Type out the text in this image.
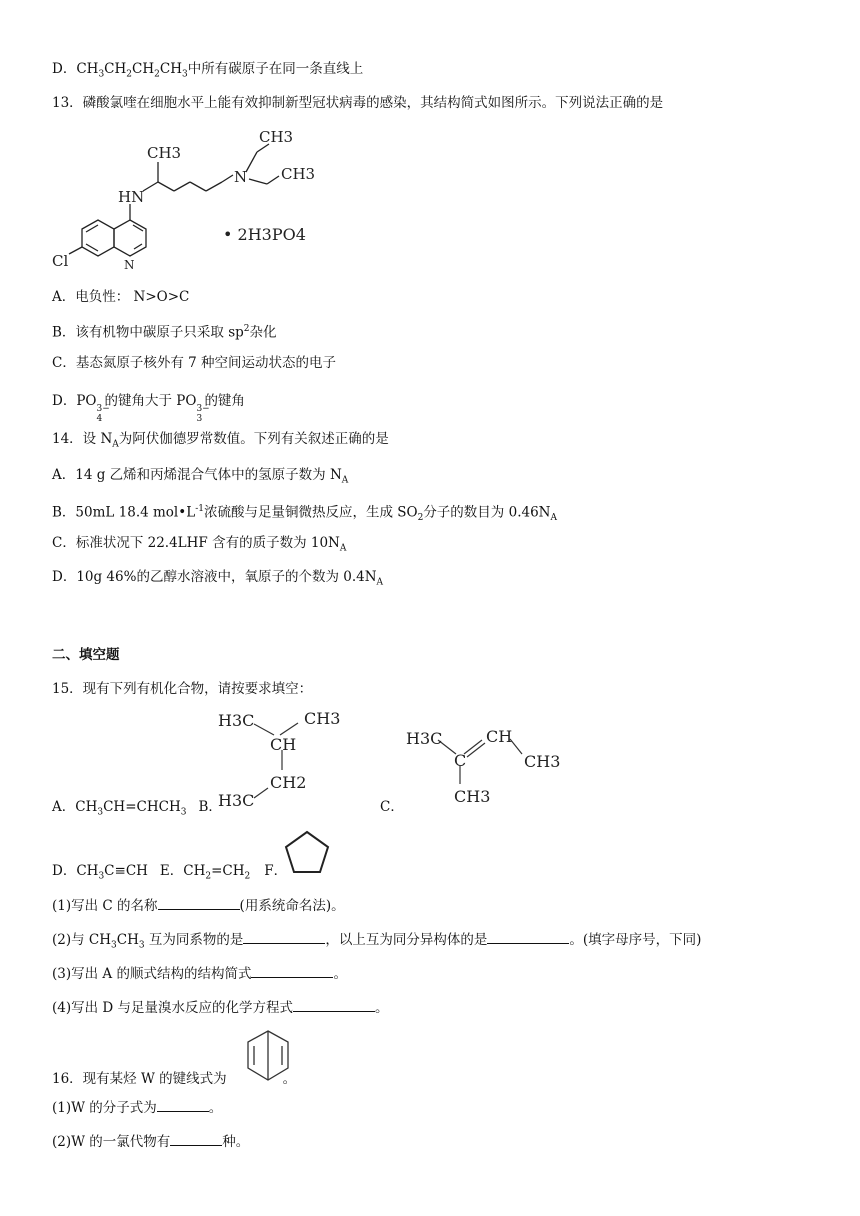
D．$CH_3CH_2CH_2CH_3$中所有碳原子在同一条直线上
13．磷酸氯喹在细胞水平上能有效抑制新型冠状病毒的感染，其结构简式如图所示。下列说法正确的是
CH3
CH3
CH3
N
HN
Cl	N
• 2H3PO4
A．电负性： N>O>C
B．该有机物中碳原子只采取 $sp^2$杂化
C．基态氮原子核外有 7 种空间运动状态的电子
D．PO 3−
4
的键角大于 PO 3−
3
的键角
14．设 $N_A$为阿伏伽德罗常数值。下列有关叙述正确的是
A．14 g 乙烯和丙烯混合气体中的氢原子数为 $N_A$
B．50mL 18.4 $mol•L^{-1}$浓硫酸与足量铜微热反应，生成 $SO_2$分子的数目为 $0.46N_A$
C．标准状况下 22.4LHF 含有的质子数为 $10N_A$
D．10g 46%的乙醇水溶液中，氧原子的个数为 $0.4N_A$
二、填空题
15．现有下列有机化合物，请按要求填空：
H3C	CH3
CH
CH2
H3C
H3C	CH
C	CH3
CH3
A．$CH_3CH=CHCH_3$ B．	C．
D．$CH_3C\equiv CH$ E．$CH_2=CH_2$ F．
(1)写出 C 的名称	(用系统命名法)。
(2)与 $CH_3CH_3$ 互为同系物的是	，以上互为同分异构体的是	。(填字母序号，下同)
(3)写出 A 的顺式结构的结构简式	。
(4)写出 D 与足量溴水反应的化学方程式	。
16．现有某烃 W 的键线式为	。
(1)W 的分子式为	。
(2)W 的一氯代物有	种。
